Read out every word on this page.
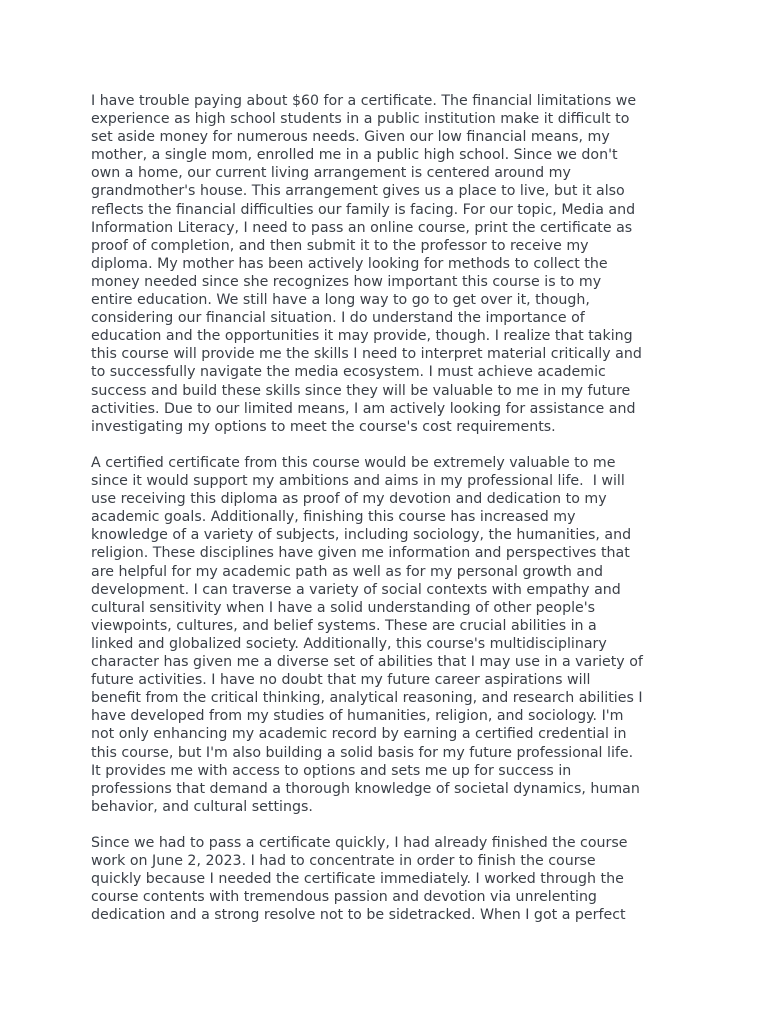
I have trouble paying about $60 for a certificate. The financial limitations we
experience as high school students in a public institution make it difficult to
set aside money for numerous needs. Given our low financial means, my
mother, a single mom, enrolled me in a public high school. Since we don't
own a home, our current living arrangement is centered around my
grandmother's house. This arrangement gives us a place to live, but it also
reflects the financial difficulties our family is facing. For our topic, Media and
Information Literacy, I need to pass an online course, print the certificate as
proof of completion, and then submit it to the professor to receive my
diploma. My mother has been actively looking for methods to collect the
money needed since she recognizes how important this course is to my
entire education. We still have a long way to go to get over it, though,
considering our financial situation. I do understand the importance of
education and the opportunities it may provide, though. I realize that taking
this course will provide me the skills I need to interpret material critically and
to successfully navigate the media ecosystem. I must achieve academic
success and build these skills since they will be valuable to me in my future
activities. Due to our limited means, I am actively looking for assistance and
investigating my options to meet the course's cost requirements.
A certified certificate from this course would be extremely valuable to me
since it would support my ambitions and aims in my professional life.  I will
use receiving this diploma as proof of my devotion and dedication to my
academic goals. Additionally, finishing this course has increased my
knowledge of a variety of subjects, including sociology, the humanities, and
religion. These disciplines have given me information and perspectives that
are helpful for my academic path as well as for my personal growth and
development. I can traverse a variety of social contexts with empathy and
cultural sensitivity when I have a solid understanding of other people's
viewpoints, cultures, and belief systems. These are crucial abilities in a
linked and globalized society. Additionally, this course's multidisciplinary
character has given me a diverse set of abilities that I may use in a variety of
future activities. I have no doubt that my future career aspirations will
benefit from the critical thinking, analytical reasoning, and research abilities I
have developed from my studies of humanities, religion, and sociology. I'm
not only enhancing my academic record by earning a certified credential in
this course, but I'm also building a solid basis for my future professional life.
It provides me with access to options and sets me up for success in
professions that demand a thorough knowledge of societal dynamics, human
behavior, and cultural settings.
Since we had to pass a certificate quickly, I had already finished the course
work on June 2, 2023. I had to concentrate in order to finish the course
quickly because I needed the certificate immediately. I worked through the
course contents with tremendous passion and devotion via unrelenting
dedication and a strong resolve not to be sidetracked. When I got a perfect
